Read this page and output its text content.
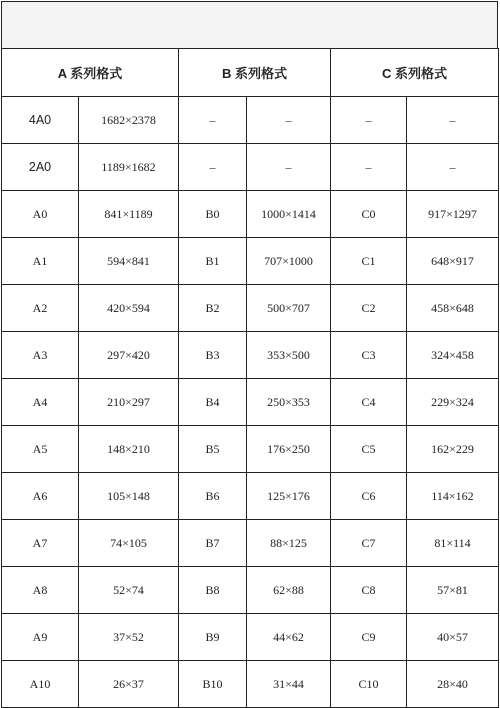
A 系列格式		B 系列格式		C 系列格式	
4A0	1682×2378	–	–	–	–
2A0	1189×1682	–	–	–	–
A0	841×1189	B0	1000×1414	C0	917×1297
A1	594×841	B1	707×1000	C1	648×917
A2	420×594	B2	500×707	C2	458×648
A3	297×420	B3	353×500	C3	324×458
A4	210×297	B4	250×353	C4	229×324
A5	148×210	B5	176×250	C5	162×229
A6	105×148	B6	125×176	C6	114×162
A7	74×105	B7	88×125	C7	81×114
A8	52×74	B8	62×88	C8	57×81
A9	37×52	B9	44×62	C9	40×57
A10	26×37	B10	31×44	C10	28×40
